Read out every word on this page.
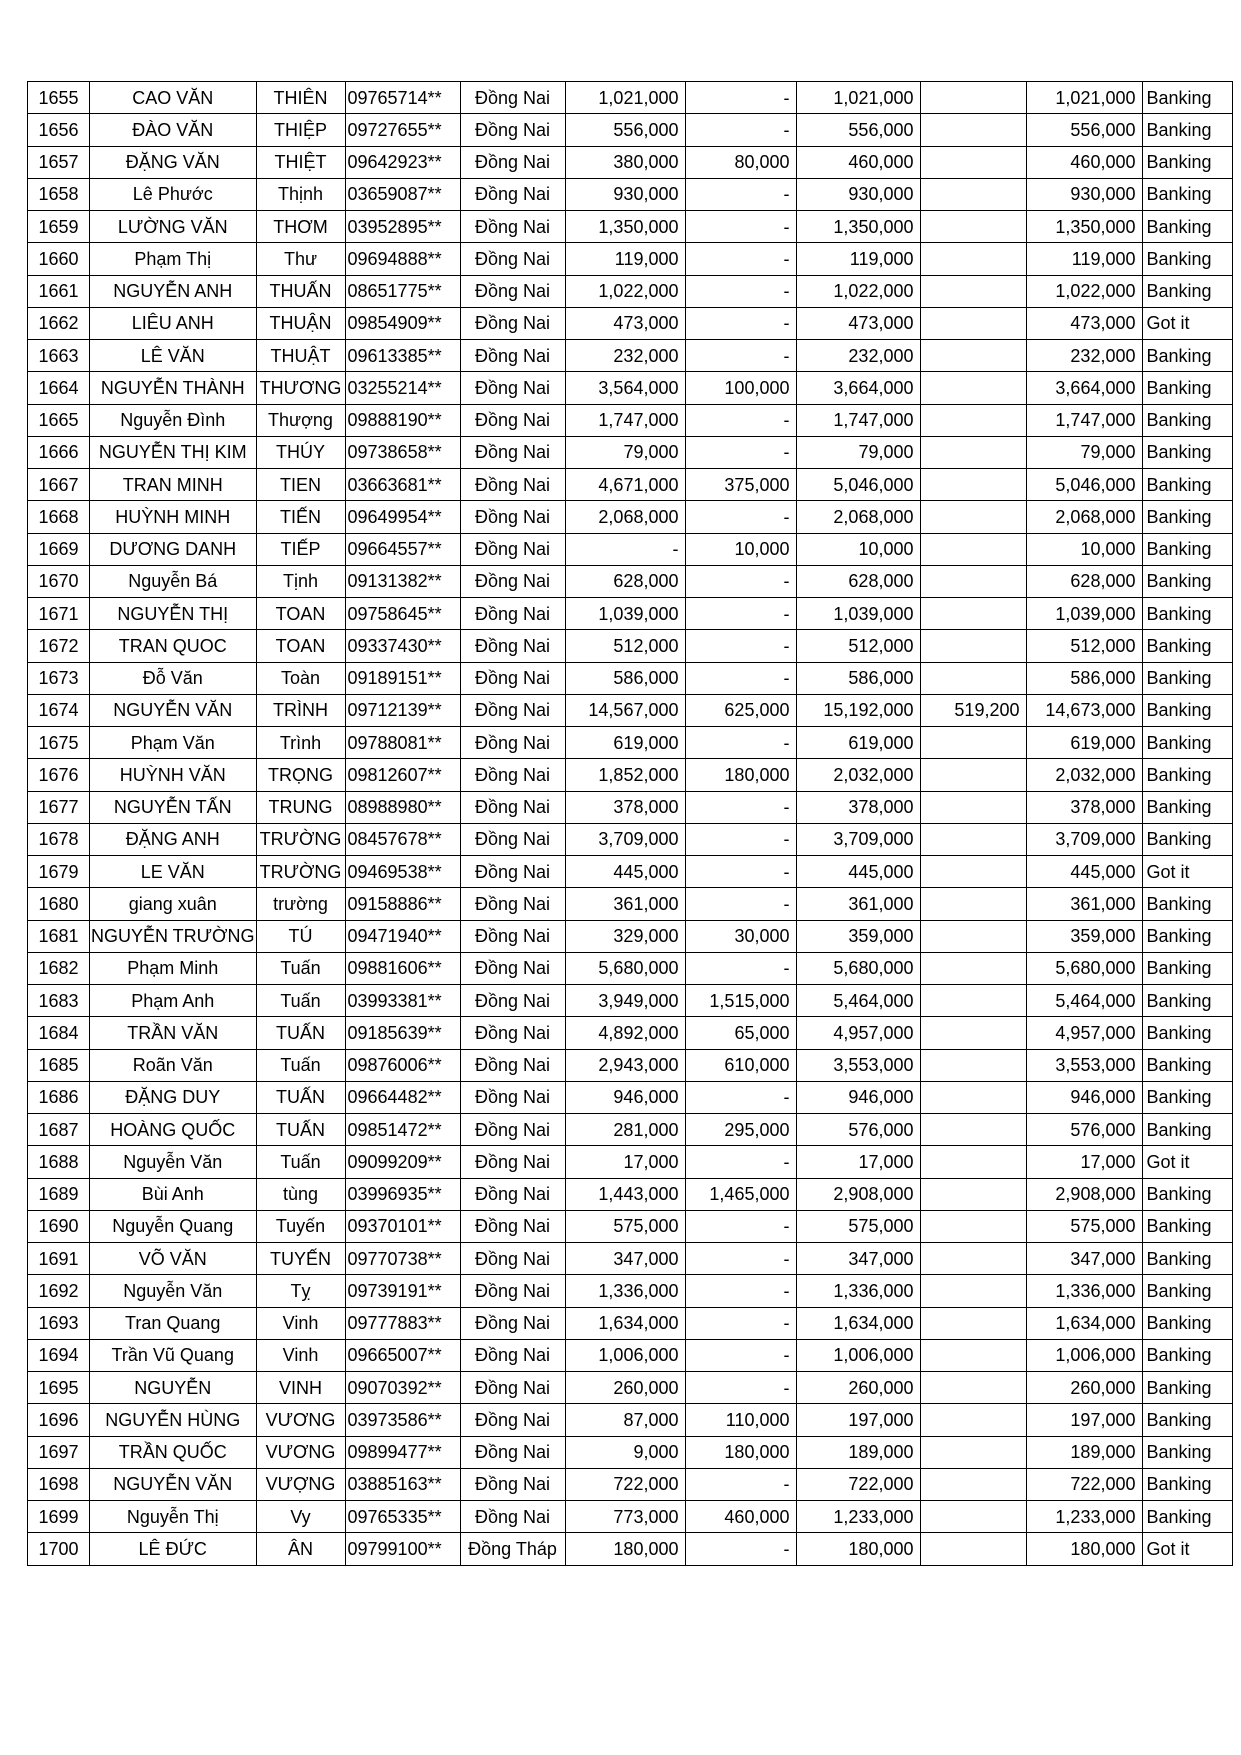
1655	CAO VĂN	THIÊN	09765714**	Đồng Nai	1,021,000	-	1,021,000		1,021,000	Banking
1656	ĐÀO VĂN	THIỆP	09727655**	Đồng Nai	556,000	-	556,000		556,000	Banking
1657	ĐẶNG VĂN	THIỆT	09642923**	Đồng Nai	380,000	80,000	460,000		460,000	Banking
1658	Lê Phước	Thịnh	03659087**	Đồng Nai	930,000	-	930,000		930,000	Banking
1659	LƯỜNG VĂN	THƠM	03952895**	Đồng Nai	1,350,000	-	1,350,000		1,350,000	Banking
1660	Phạm Thị	Thư	09694888**	Đồng Nai	119,000	-	119,000		119,000	Banking
1661	NGUYỄN ANH	THUẤN	08651775**	Đồng Nai	1,022,000	-	1,022,000		1,022,000	Banking
1662	LIÊU ANH	THUẬN	09854909**	Đồng Nai	473,000	-	473,000		473,000	Got it
1663	LÊ VĂN	THUẬT	09613385**	Đồng Nai	232,000	-	232,000		232,000	Banking
1664	NGUYỄN THÀNH	THƯƠNG	03255214**	Đồng Nai	3,564,000	100,000	3,664,000		3,664,000	Banking
1665	Nguyễn Đình	Thượng	09888190**	Đồng Nai	1,747,000	-	1,747,000		1,747,000	Banking
1666	NGUYỄN THỊ KIM	THÚY	09738658**	Đồng Nai	79,000	-	79,000		79,000	Banking
1667	TRAN MINH	TIEN	03663681**	Đồng Nai	4,671,000	375,000	5,046,000		5,046,000	Banking
1668	HUỲNH MINH	TIẾN	09649954**	Đồng Nai	2,068,000	-	2,068,000		2,068,000	Banking
1669	DƯƠNG DANH	TIẾP	09664557**	Đồng Nai	-	10,000	10,000		10,000	Banking
1670	Nguyễn Bá	Tịnh	09131382**	Đồng Nai	628,000	-	628,000		628,000	Banking
1671	NGUYỄN THỊ	TOAN	09758645**	Đồng Nai	1,039,000	-	1,039,000		1,039,000	Banking
1672	TRAN QUOC	TOAN	09337430**	Đồng Nai	512,000	-	512,000		512,000	Banking
1673	Đỗ Văn	Toàn	09189151**	Đồng Nai	586,000	-	586,000		586,000	Banking
1674	NGUYỄN VĂN	TRÌNH	09712139**	Đồng Nai	14,567,000	625,000	15,192,000	519,200	14,673,000	Banking
1675	Phạm Văn	Trình	09788081**	Đồng Nai	619,000	-	619,000		619,000	Banking
1676	HUỲNH VĂN	TRỌNG	09812607**	Đồng Nai	1,852,000	180,000	2,032,000		2,032,000	Banking
1677	NGUYỄN TẤN	TRUNG	08988980**	Đồng Nai	378,000	-	378,000		378,000	Banking
1678	ĐẶNG ANH	TRƯỜNG	08457678**	Đồng Nai	3,709,000	-	3,709,000		3,709,000	Banking
1679	LE VĂN	TRƯỜNG	09469538**	Đồng Nai	445,000	-	445,000		445,000	Got it
1680	giang xuân	trường	09158886**	Đồng Nai	361,000	-	361,000		361,000	Banking
1681	NGUYỄN TRƯỜNG	TÚ	09471940**	Đồng Nai	329,000	30,000	359,000		359,000	Banking
1682	Phạm Minh	Tuấn	09881606**	Đồng Nai	5,680,000	-	5,680,000		5,680,000	Banking
1683	Phạm Anh	Tuấn	03993381**	Đồng Nai	3,949,000	1,515,000	5,464,000		5,464,000	Banking
1684	TRẦN VĂN	TUẤN	09185639**	Đồng Nai	4,892,000	65,000	4,957,000		4,957,000	Banking
1685	Roãn Văn	Tuấn	09876006**	Đồng Nai	2,943,000	610,000	3,553,000		3,553,000	Banking
1686	ĐẶNG DUY	TUẤN	09664482**	Đồng Nai	946,000	-	946,000		946,000	Banking
1687	HOÀNG QUỐC	TUẤN	09851472**	Đồng Nai	281,000	295,000	576,000		576,000	Banking
1688	Nguyễn Văn	Tuấn	09099209**	Đồng Nai	17,000	-	17,000		17,000	Got it
1689	Bùi Anh	tùng	03996935**	Đồng Nai	1,443,000	1,465,000	2,908,000		2,908,000	Banking
1690	Nguyễn Quang	Tuyến	09370101**	Đồng Nai	575,000	-	575,000		575,000	Banking
1691	VÕ VĂN	TUYẾN	09770738**	Đồng Nai	347,000	-	347,000		347,000	Banking
1692	Nguyễn Văn	Tỵ	09739191**	Đồng Nai	1,336,000	-	1,336,000		1,336,000	Banking
1693	Tran Quang	Vinh	09777883**	Đồng Nai	1,634,000	-	1,634,000		1,634,000	Banking
1694	Trần Vũ Quang	Vinh	09665007**	Đồng Nai	1,006,000	-	1,006,000		1,006,000	Banking
1695	NGUYỄN	VINH	09070392**	Đồng Nai	260,000	-	260,000		260,000	Banking
1696	NGUYỄN HÙNG	VƯƠNG	03973586**	Đồng Nai	87,000	110,000	197,000		197,000	Banking
1697	TRẦN QUỐC	VƯƠNG	09899477**	Đồng Nai	9,000	180,000	189,000		189,000	Banking
1698	NGUYỄN VĂN	VƯỢNG	03885163**	Đồng Nai	722,000	-	722,000		722,000	Banking
1699	Nguyễn Thị	Vy	09765335**	Đồng Nai	773,000	460,000	1,233,000		1,233,000	Banking
1700	LÊ ĐỨC	ÂN	09799100**	Đồng Tháp	180,000	-	180,000		180,000	Got it
